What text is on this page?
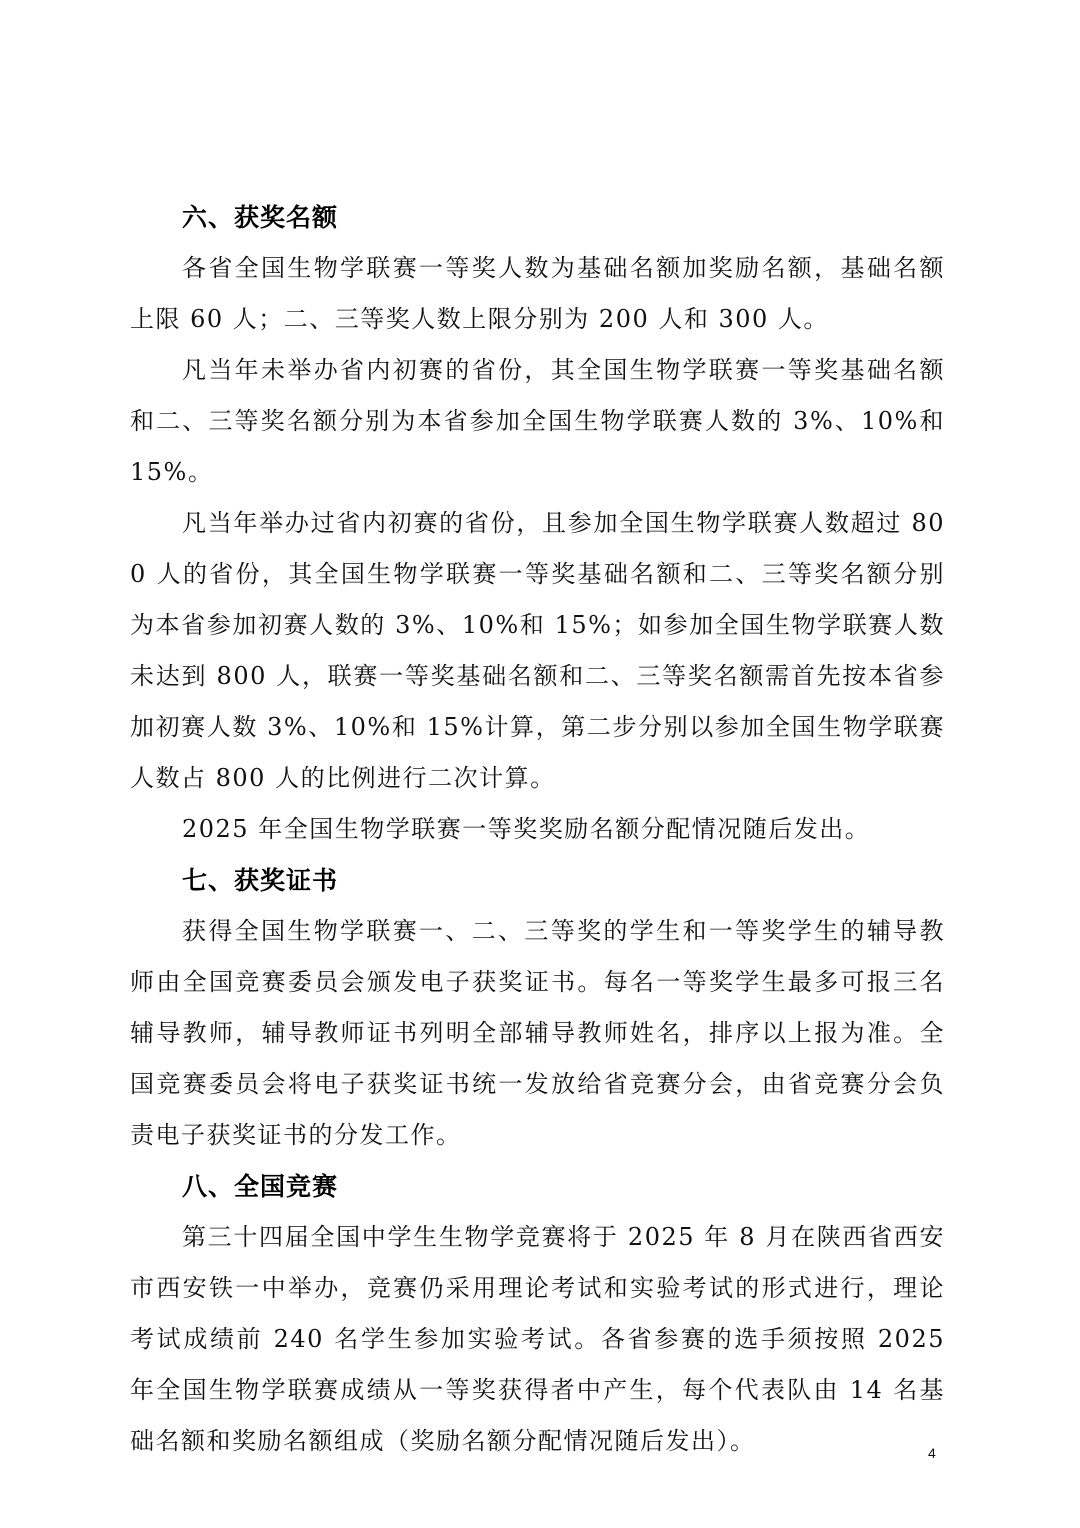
六、获奖名额

各省全国生物学联赛一等奖人数为基础名额加奖励名额，基础名额上限 60 人；二、三等奖人数上限分别为 200 人和 300 人。

凡当年未举办省内初赛的省份，其全国生物学联赛一等奖基础名额和二、三等奖名额分别为本省参加全国生物学联赛人数的 3%、10%和 15%。

凡当年举办过省内初赛的省份，且参加全国生物学联赛人数超过 800 人的省份，其全国生物学联赛一等奖基础名额和二、三等奖名额分别为本省参加初赛人数的 3%、10%和 15%；如参加全国生物学联赛人数未达到 800 人，联赛一等奖基础名额和二、三等奖名额需首先按本省参加初赛人数 3%、10%和 15%计算，第二步分别以参加全国生物学联赛人数占 800 人的比例进行二次计算。

2025 年全国生物学联赛一等奖奖励名额分配情况随后发出。

七、获奖证书

获得全国生物学联赛一、二、三等奖的学生和一等奖学生的辅导教师由全国竞赛委员会颁发电子获奖证书。每名一等奖学生最多可报三名辅导教师，辅导教师证书列明全部辅导教师姓名，排序以上报为准。全国竞赛委员会将电子获奖证书统一发放给省竞赛分会，由省竞赛分会负责电子获奖证书的分发工作。

八、全国竞赛

第三十四届全国中学生生物学竞赛将于 2025 年 8 月在陕西省西安市西安铁一中举办，竞赛仍采用理论考试和实验考试的形式进行，理论考试成绩前 240 名学生参加实验考试。各省参赛的选手须按照 2025 年全国生物学联赛成绩从一等奖获得者中产生，每个代表队由 14 名基础名额和奖励名额组成（奖励名额分配情况随后发出）。	4
